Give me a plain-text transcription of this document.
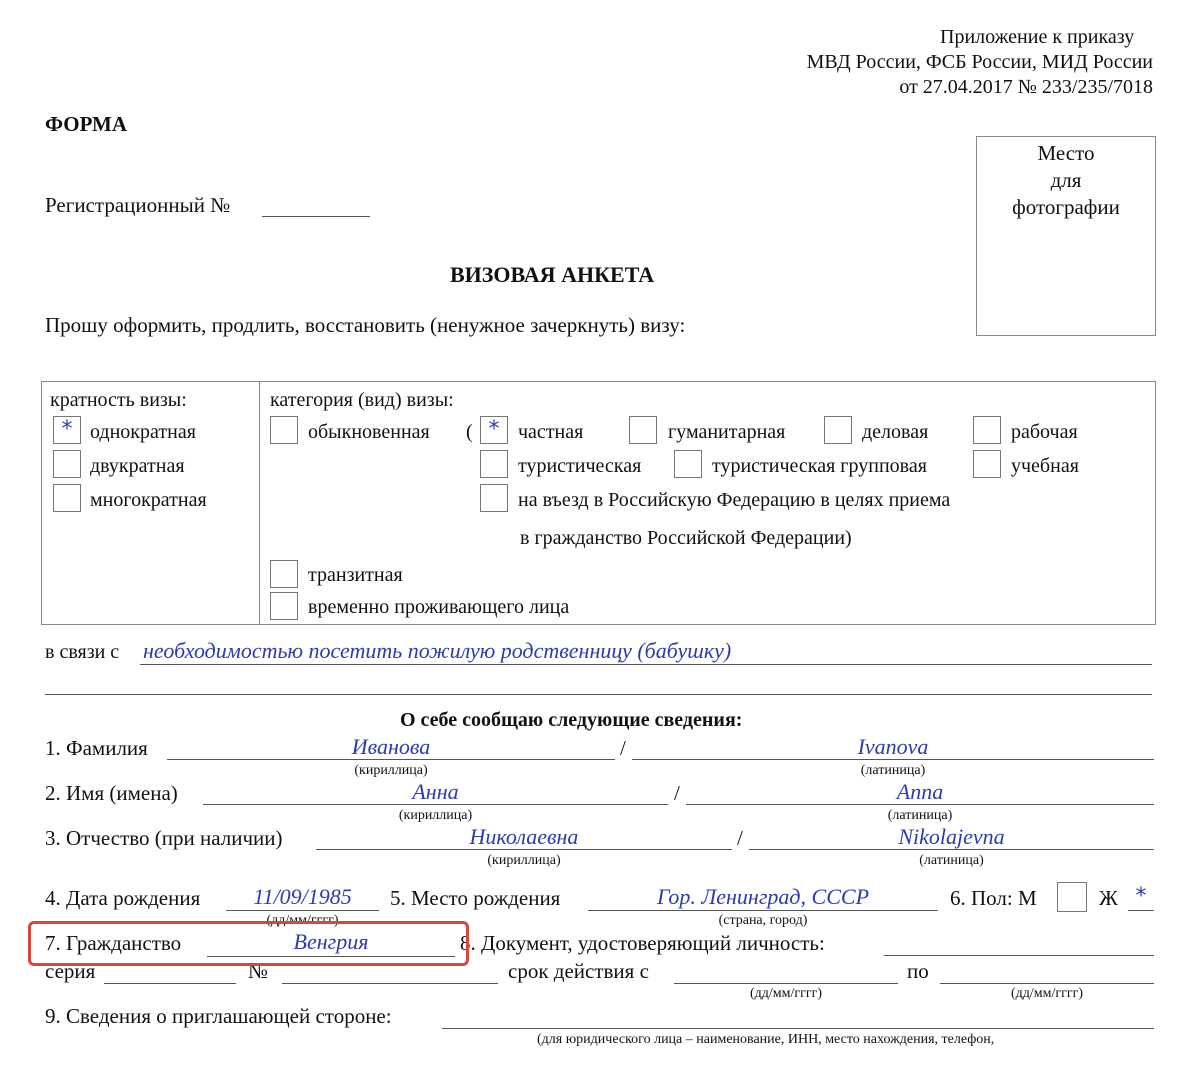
Приложение к приказу
МВД России, ФСБ России, МИД России
от 27.04.2017 № 233/235/7018
ФОРМА
Регистрационный №
Место
для
фотографии
ВИЗОВАЯ АНКЕТА
Прошу оформить, продлить, восстановить (ненужное зачеркнуть) визу:
кратность визы:
* однократная
двукратная
многократная
категория (вид) визы:
обыкновенная ( * частная	гуманитарная	деловая	рабочая
туристическая	туристическая групповая	учебная
на въезд в Российскую Федерацию в целях приема
в гражданство Российской Федерации)
транзитная
временно проживающего лица
в связи с необходимостью посетить пожилую родственницу (бабушку)
О себе сообщаю следующие сведения:
1. Фамилия	Иванова	/	Ivanova
(кириллица)	(латиница)
2. Имя (имена)	Анна	/	Anna
(кириллица)	(латиница)
3. Отчество (при наличии)	Николаевна	/	Nikolajevna
(кириллица)	(латиница)
4. Дата рождения	11/09/1985
(дд/мм/гггг)
5. Место рождения	Гор. Ленинград, СССР
(страна, город)
6. Пол: М	Ж *
7. Гражданство	Венгрия	8. Документ, удостоверяющий личность:
серия	№	срок действия с
(дд/мм/гггг)
по
(дд/мм/гггг)
9. Сведения о приглашающей стороне:
(для юридического лица – наименование, ИНН, место нахождения, телефон,
